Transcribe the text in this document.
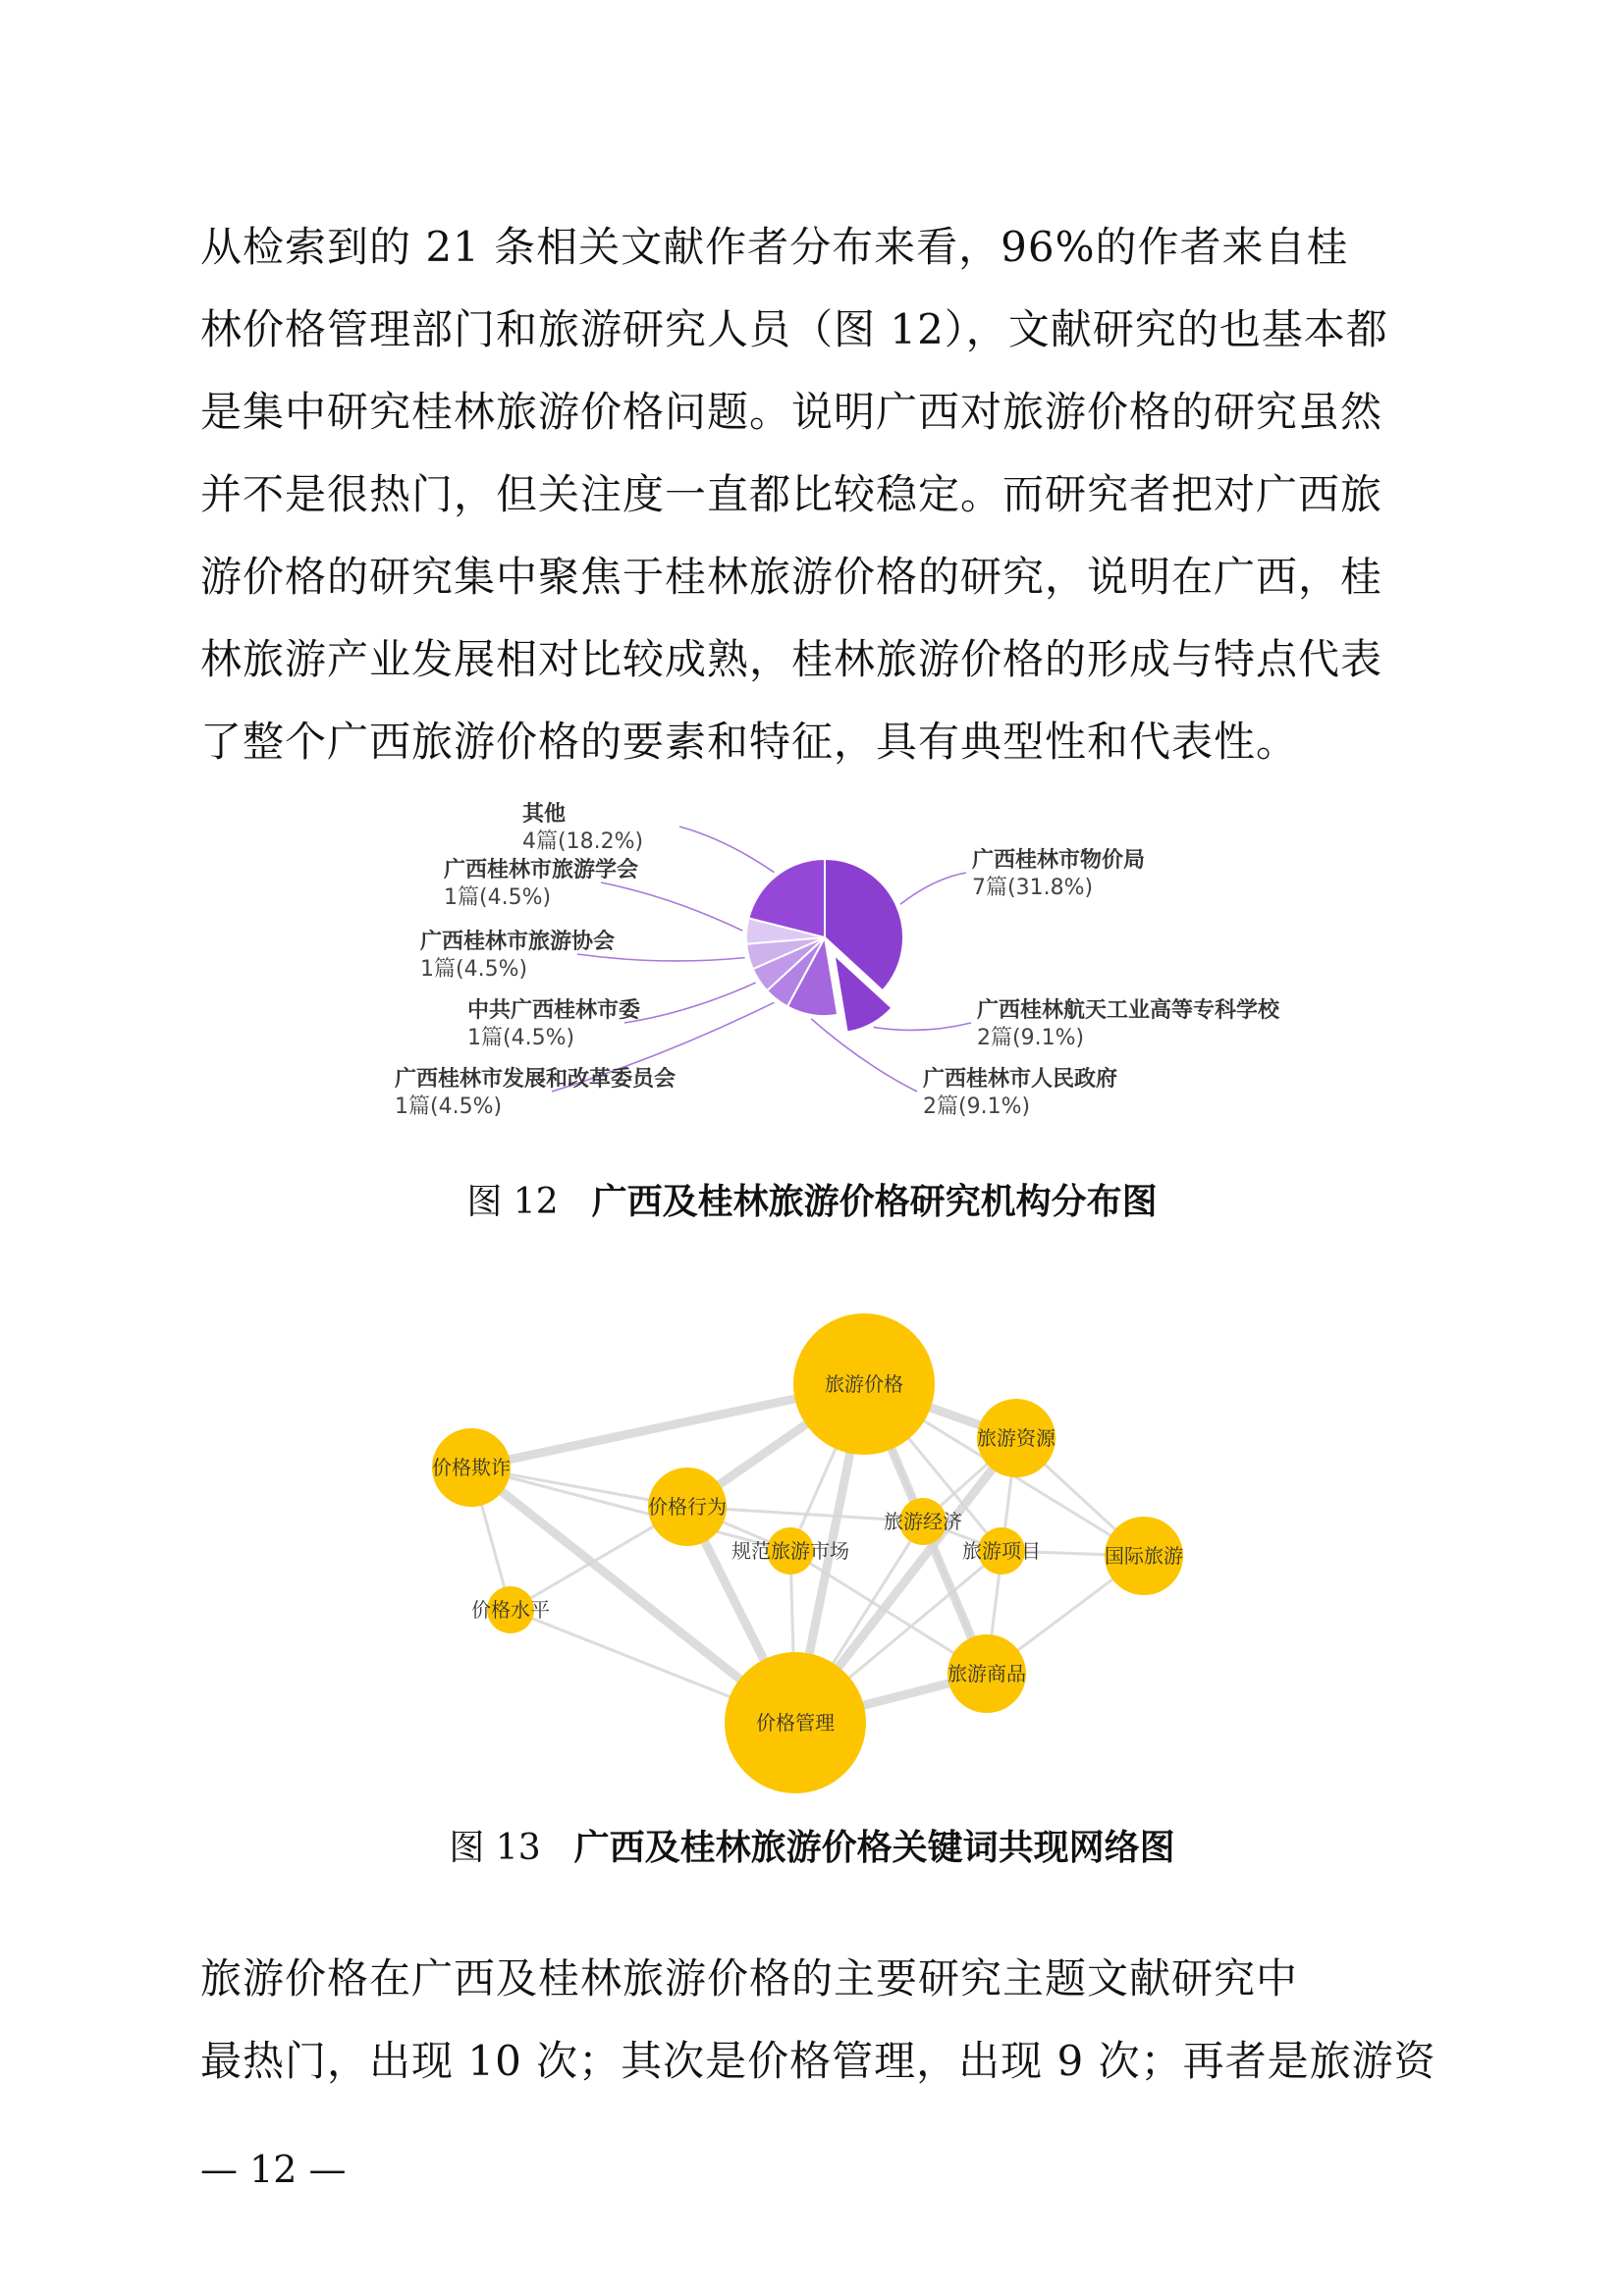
从检索到的 21 条相关文献作者分布来看，96%的作者来自桂
林价格管理部门和旅游研究人员（图 12），文献研究的也基本都
是集中研究桂林旅游价格问题。说明广西对旅游价格的研究虽然
并不是很热门，但关注度一直都比较稳定。而研究者把对广西旅
游价格的研究集中聚焦于桂林旅游价格的研究，说明在广西，桂
林旅游产业发展相对比较成熟，桂林旅游价格的形成与特点代表
了整个广西旅游价格的要素和特征，具有典型性和代表性。
广西桂林市物价局
7篇(31.8%)
广西桂林航天工业高等专科学校
2篇(9.1%)
广西桂林市人民政府
2篇(9.1%)
广西桂林市发展和改革委员会
1篇(4.5%)
中共广西桂林市委
1篇(4.5%)
广西桂林市旅游协会
1篇(4.5%)
广西桂林市旅游学会
1篇(4.5%)
其他
4篇(18.2%)
图 12 广西及桂林旅游价格研究机构分布图
旅游价格
价格管理
旅游资源
旅游商品
国际旅游
价格欺诈
价格行为
价格水平
旅游经济
旅游项目
规范旅游市场
图 13 广西及桂林旅游价格关键词共现网络图
旅游价格在广西及桂林旅游价格的主要研究主题文献研究中
最热门，出现 10 次；其次是价格管理，出现 9 次；再者是旅游资
— 12 —
